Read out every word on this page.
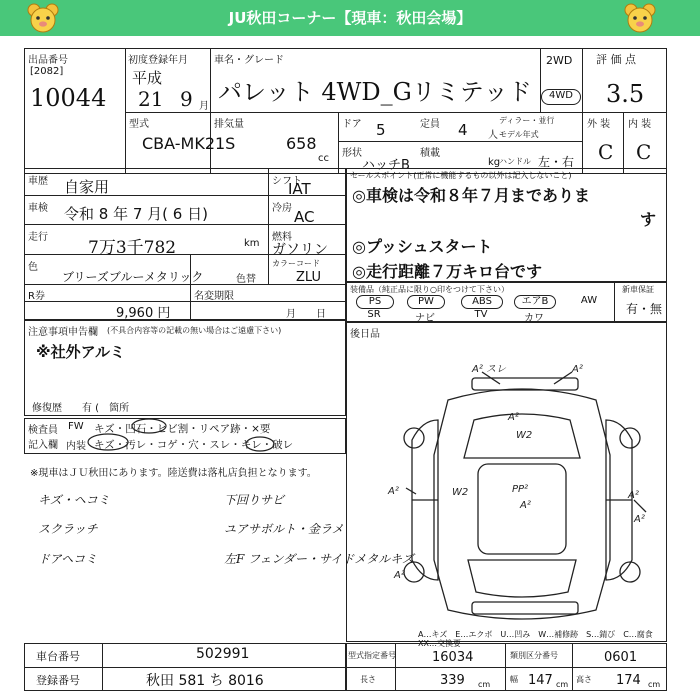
JU秋田コーナー【現車：秋田会場】
出品番号
[2082]
10044
初度登録年月
平成
21 9 月
車名・グレード
パレット 4WD_Gリミテッド
2WD
4WD
評 価 点
3.5
外 装 内 装
C C
型式
CBA-MK21S
排気量
658
cc
ドア 5	定員 4 人
ディラー・並行
モデル年式
形状
ハッチB
積載
kg
ハンドル 左・右
車歴 自家用
車検 令和 8 年 7 月( 6 日)
走行
7万3千782	km
シフト
IAT
冷房 AC
燃料
ガソリン
色
ブリーズブルーメタリック	色替
カラーコード
ZLU
R券
9,960 円
名変期限
月　　日
セールスポイント(正常に機能するもの以外は記入しないこと)
◎車検は令和８年７月までありま
す
◎プッシュスタート
◎走行距離７万キロ台です
装備品（純正品に限り○印をつけて下さい）
PS	PW	ABS	エアB	AW
SR	ナビ	TV	カワ
新車保証
有・無
後日品
注意事項申告欄 (不具合内容等の記載の無い場合はご遠慮下さい)
※社外アルミ
修復歴 有 (　箇所
検査員
記入欄
FW キズ・凹石・ヒビ割・リペア跡・×要
内装 キズ・汚レ・コゲ・穴・スレ・キレ・破レ
※現車はＪＵ秋田にあります。陸送費は落札店負担となります。
キズ・ヘコミ
スクラッチ
ドアヘコミ
下回りサビ
ユアサボルト・金ラメ
左F フェンダー・サイドメタルキズ
A² スレ	A²
A²
W2
A²	W2	PP²
A²
A²
A²
A²
A…キズ　E…エクボ　U…凹み　W…補修跡　S…錆び　C…腐食　XX…交換要
車台番号	502991
登録番号	秋田 581 ち 8016
型式指定番号	16034	類別区分番号	0601
長さ	339 cm
幅 147 cm
高さ 174 cm
